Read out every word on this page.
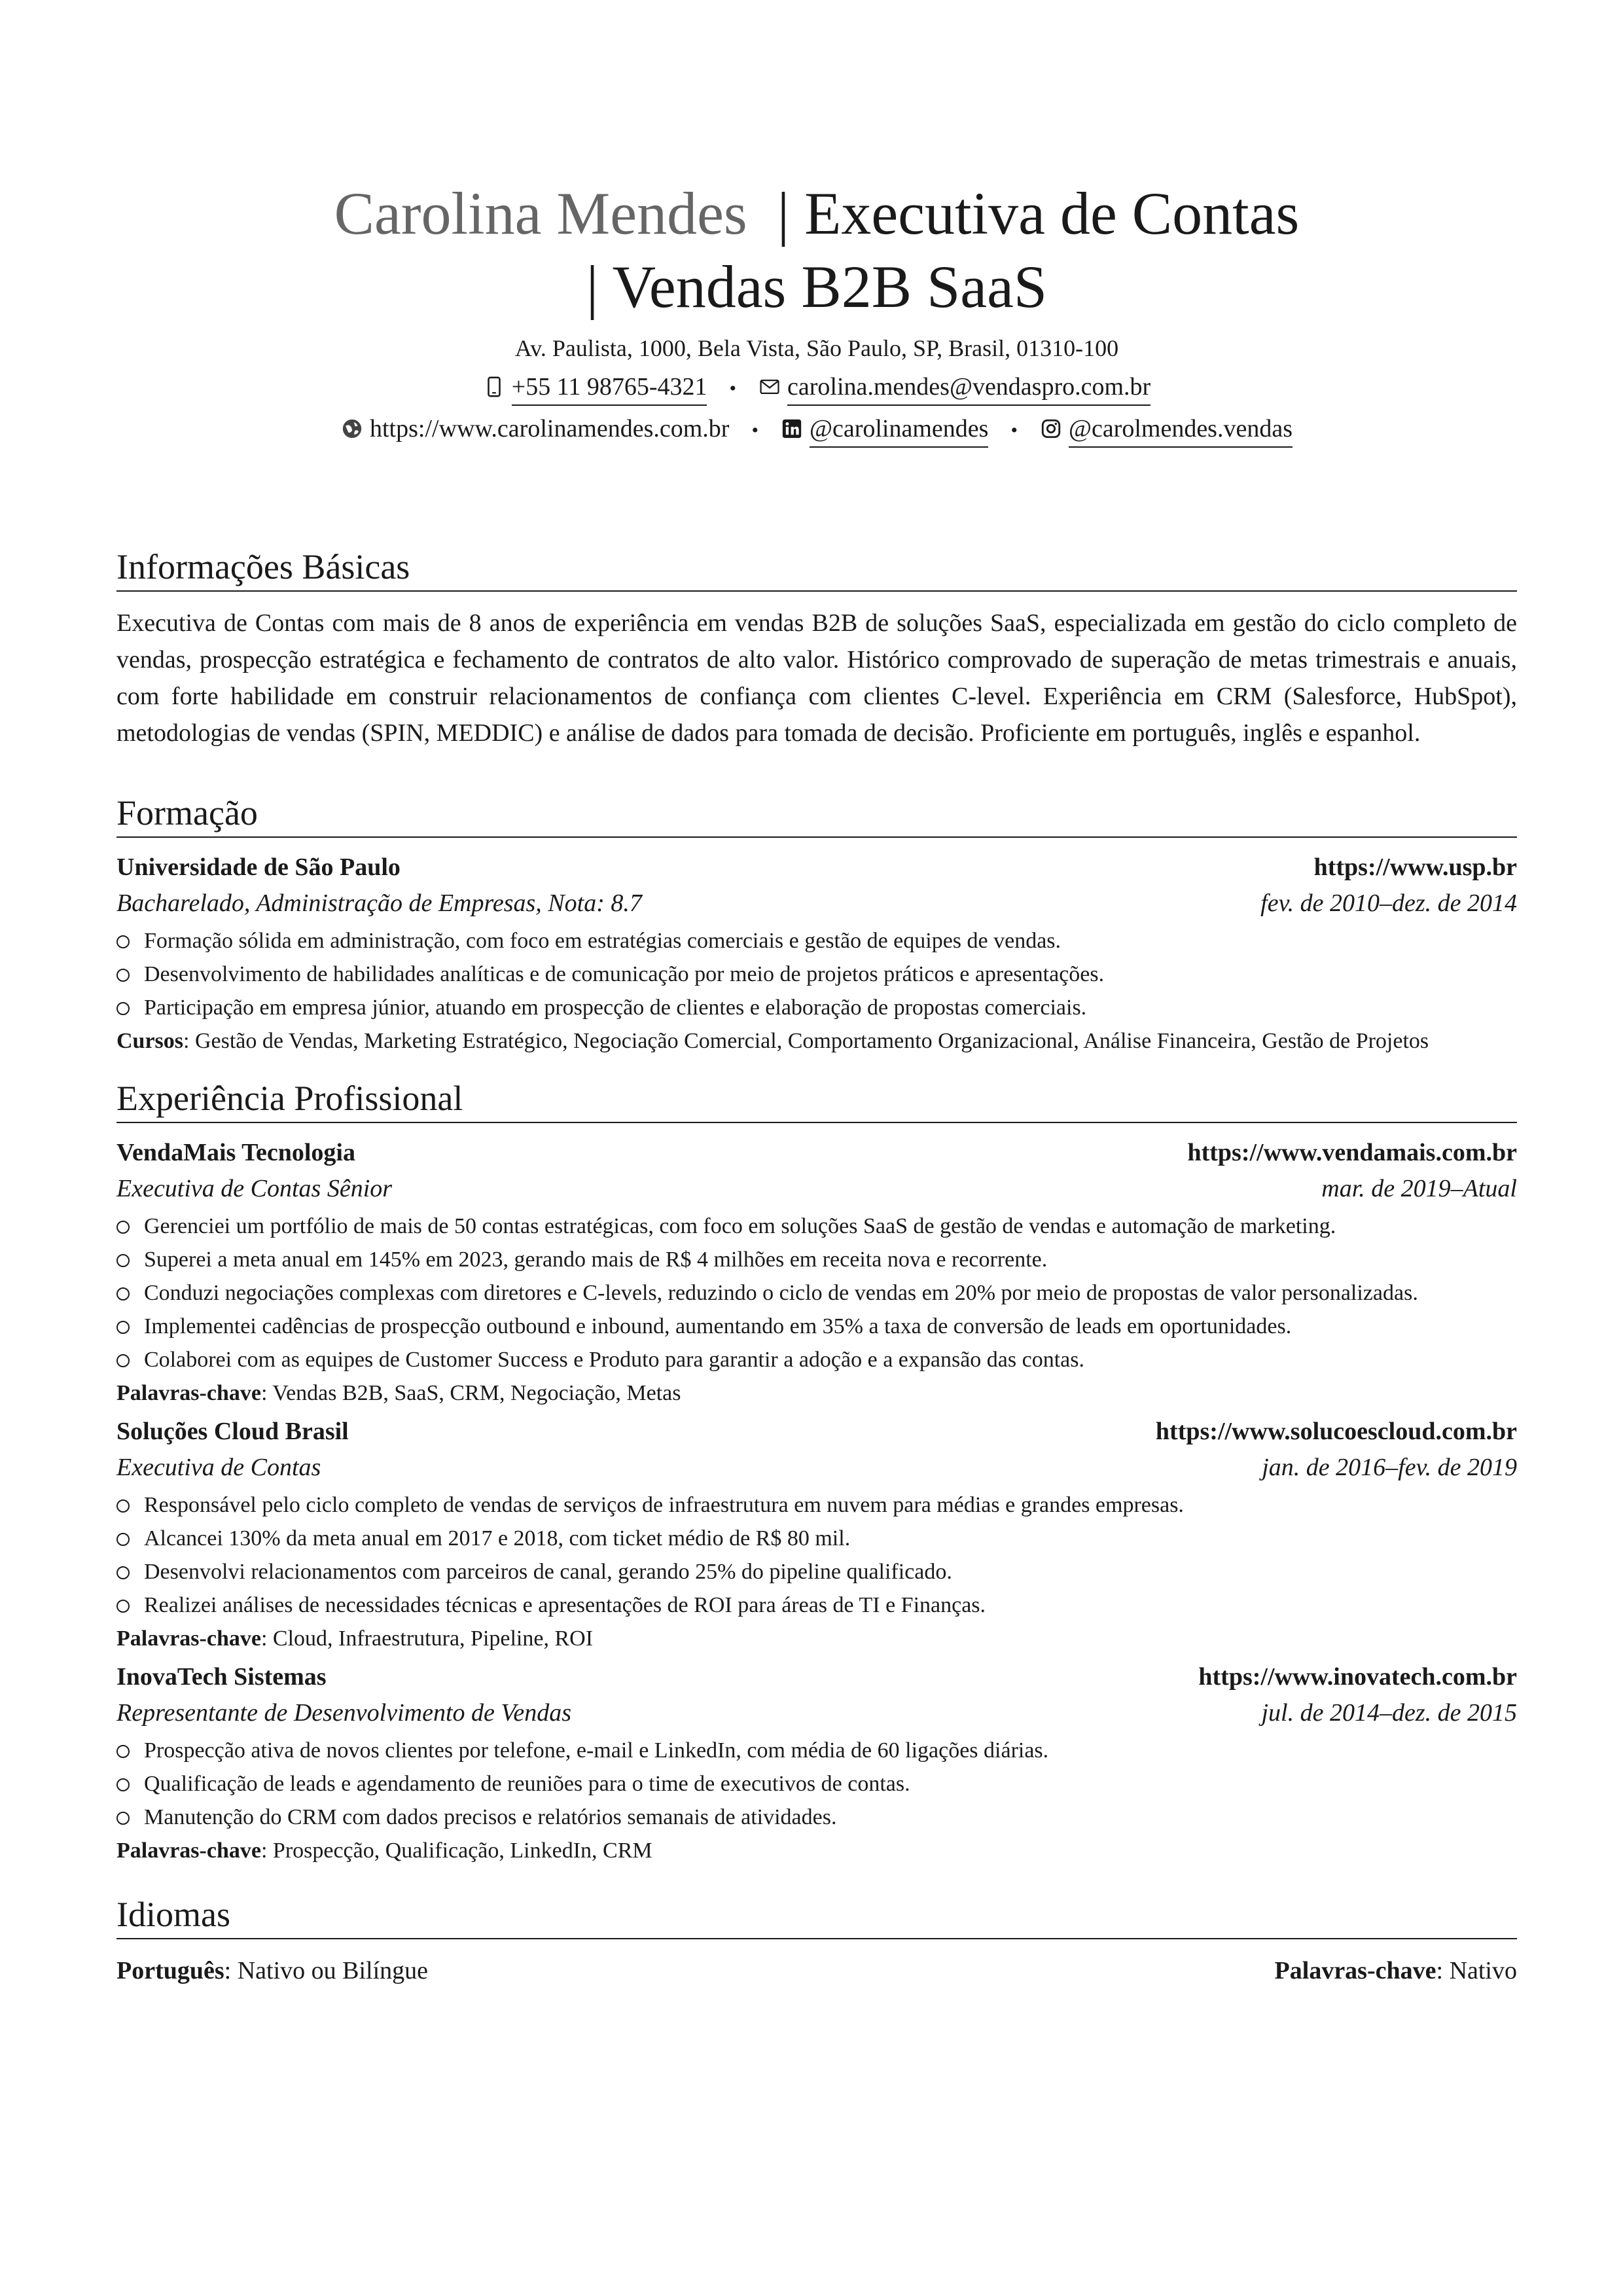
Carolina Mendes | Executiva de Contas
| Vendas B2B SaaS
Av. Paulista, 1000, Bela Vista, São Paulo, SP, Brasil, 01310-100
+55 11 98765-4321 • carolina.mendes@vendaspro.com.br
https://www.carolinamendes.com.br • @carolinamendes • @carolmendes.vendas
Informações Básicas

Executiva de Contas com mais de 8 anos de experiência em vendas B2B de soluções SaaS, especializada em gestão do ciclo completo de vendas, prospecção estratégica e fechamento de contratos de alto valor. Histórico comprovado de superação de metas trimestrais e anuais, com forte habilidade em construir relacionamentos de confiança com clientes C-level. Experiência em CRM (Salesforce, HubSpot), metodologias de vendas (SPIN, MEDDIC) e análise de dados para tomada de decisão. Proficiente em português, inglês e espanhol.

Formação
Universidade de São Paulo	https://www.usp.br
Bacharelado, Administração de Empresas, Nota: 8.7	fev. de 2010–dez. de 2014
Formação sólida em administração, com foco em estratégias comerciais e gestão de equipes de vendas.
Desenvolvimento de habilidades analíticas e de comunicação por meio de projetos práticos e apresentações.
Participação em empresa júnior, atuando em prospecção de clientes e elaboração de propostas comerciais.
Cursos: Gestão de Vendas, Marketing Estratégico, Negociação Comercial, Comportamento Organizacional, Análise Financeira, Gestão de Projetos
Experiência Profissional
VendaMais Tecnologia	https://www.vendamais.com.br
Executiva de Contas Sênior	mar. de 2019–Atual
Gerenciei um portfólio de mais de 50 contas estratégicas, com foco em soluções SaaS de gestão de vendas e automação de marketing.
Superei a meta anual em 145% em 2023, gerando mais de R$ 4 milhões em receita nova e recorrente.
Conduzi negociações complexas com diretores e C-levels, reduzindo o ciclo de vendas em 20% por meio de propostas de valor personalizadas.
Implementei cadências de prospecção outbound e inbound, aumentando em 35% a taxa de conversão de leads em oportunidades.
Colaborei com as equipes de Customer Success e Produto para garantir a adoção e a expansão das contas.
Palavras-chave: Vendas B2B, SaaS, CRM, Negociação, Metas
Soluções Cloud Brasil	https://www.solucoescloud.com.br
Executiva de Contas	jan. de 2016–fev. de 2019
Responsável pelo ciclo completo de vendas de serviços de infraestrutura em nuvem para médias e grandes empresas.
Alcancei 130% da meta anual em 2017 e 2018, com ticket médio de R$ 80 mil.
Desenvolvi relacionamentos com parceiros de canal, gerando 25% do pipeline qualificado.
Realizei análises de necessidades técnicas e apresentações de ROI para áreas de TI e Finanças.
Palavras-chave: Cloud, Infraestrutura, Pipeline, ROI
InovaTech Sistemas	https://www.inovatech.com.br
Representante de Desenvolvimento de Vendas	jul. de 2014–dez. de 2015
Prospecção ativa de novos clientes por telefone, e-mail e LinkedIn, com média de 60 ligações diárias.
Qualificação de leads e agendamento de reuniões para o time de executivos de contas.
Manutenção do CRM com dados precisos e relatórios semanais de atividades.
Palavras-chave: Prospecção, Qualificação, LinkedIn, CRM
Idiomas
Português: Nativo ou Bilíngue	Palavras-chave: Nativo
